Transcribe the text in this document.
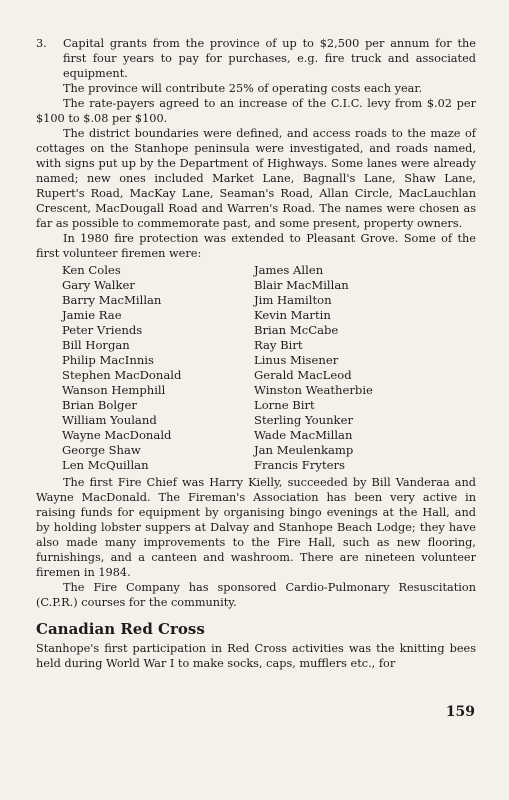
3.	Capital grants from the province of up to $2,500 per annum for the first four years to pay for purchases, e.g. fire truck and associated equipment.

The province will contribute 25% of operating costs each year.

The rate-payers agreed to an increase of the C.I.C. levy from $.02 per $100 to $.08 per $100.

The district boundaries were defined, and access roads to the maze of cottages on the Stanhope peninsula were investigated, and roads named, with signs put up by the Department of Highways. Some lanes were already named; new ones included Market Lane, Bagnall's Lane, Shaw Lane, Rupert's Road, MacKay Lane, Seaman's Road, Allan Circle, MacLauchlan Crescent, MacDougall Road and Warren's Road. The names were chosen as far as possible to commemorate past, and some present, property owners.

In 1980 fire protection was extended to Pleasant Grove. Some of the first volunteer firemen were:

Ken Coles
Gary Walker
Barry MacMillan
Jamie Rae
Peter Vriends
Bill Horgan
Philip MacInnis
Stephen MacDonald
Wanson Hemphill
Brian Bolger
William Youland
Wayne MacDonald
George Shaw
Len McQuillan
James Allen
Blair MacMillan
Jim Hamilton
Kevin Martin
Brian McCabe
Ray Birt
Linus Misener
Gerald MacLeod
Winston Weatherbie
Lorne Birt
Sterling Younker
Wade MacMillan
Jan Meulenkamp
Francis Fryters

The first Fire Chief was Harry Kielly, succeeded by Bill Vanderaa and Wayne MacDonald. The Fireman's Association has been very active in raising funds for equipment by organising bingo evenings at the Hall, and by holding lobster suppers at Dalvay and Stanhope Beach Lodge; they have also made many improvements to the Fire Hall, such as new flooring, furnishings, and a canteen and washroom. There are nineteen volunteer firemen in 1984.

The Fire Company has sponsored Cardio-Pulmonary Resuscitation (C.P.R.) courses for the community.

Canadian Red Cross

Stanhope's first participation in Red Cross activities was the knitting bees held during World War I to make socks, caps, mufflers etc., for

159
